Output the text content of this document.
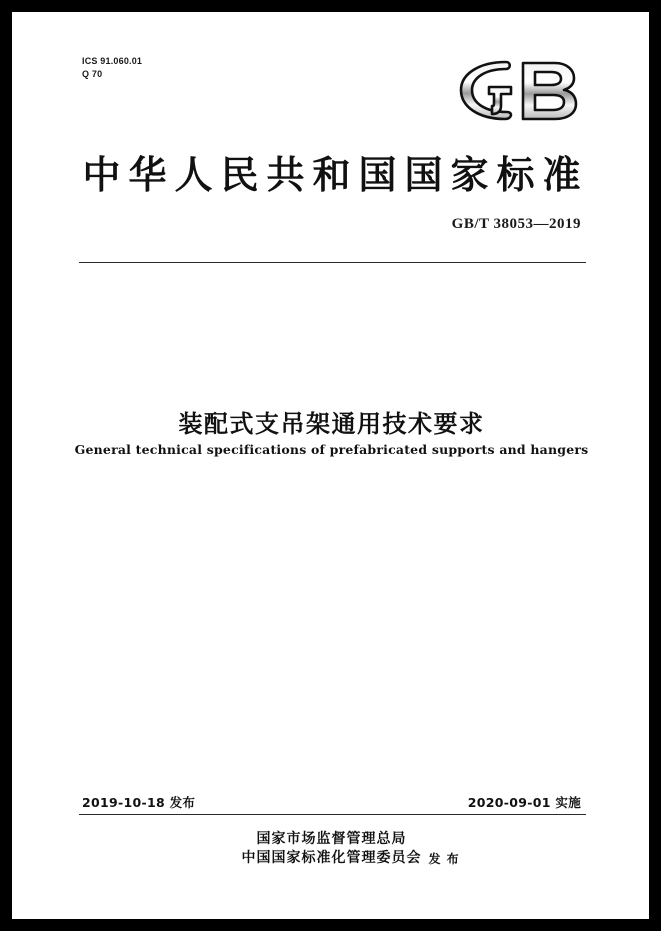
ICS 91.060.01
Q 70
中华人民共和国国家标准
GB/T 38053—2019
装配式支吊架通用技术要求
General technical specifications of prefabricated supports and hangers
2019-10-18 发布	2020-09-01 实施
国家市场监督管理总局
中国国家标准化管理委员会 发 布
